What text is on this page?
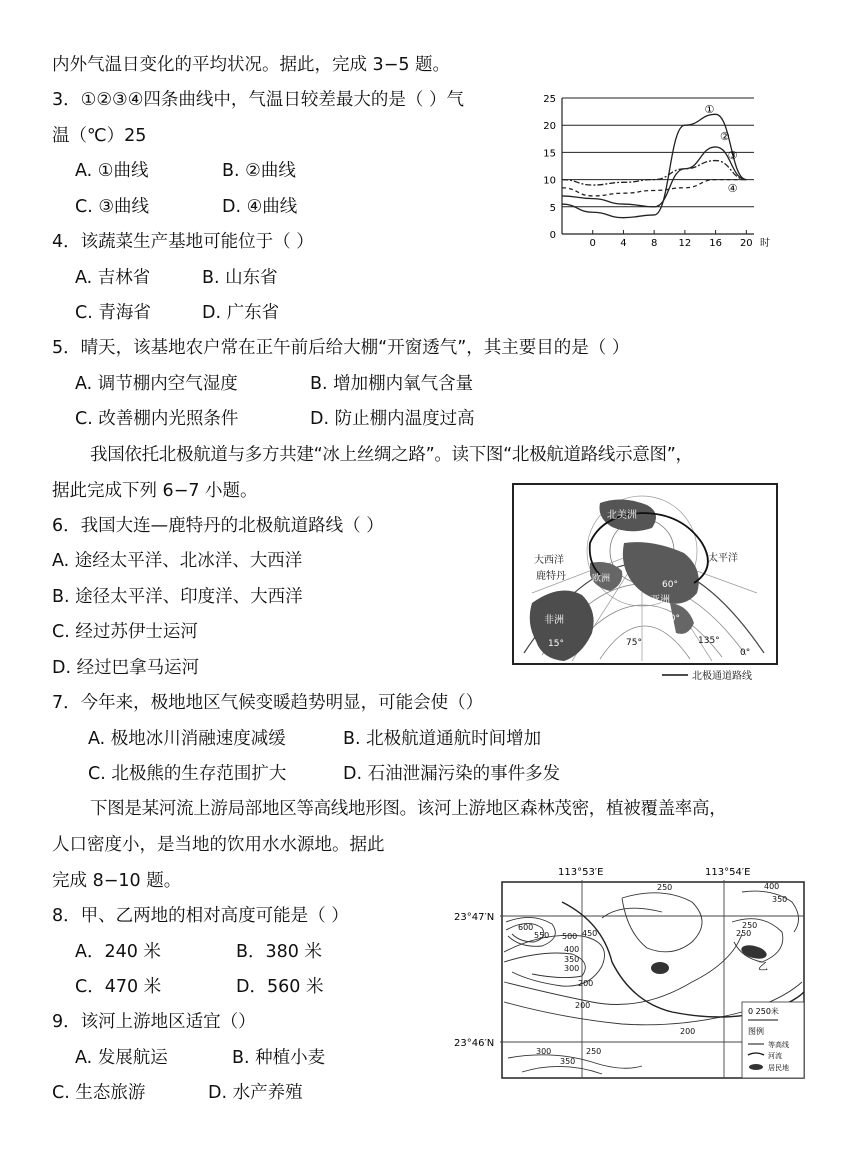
内外气温日变化的平均状况。据此，完成 3−5 题。
3．①②③④四条曲线中，气温日较差最大的是（ ）气
温（℃）25
A. ①曲线	B. ②曲线
C. ③曲线	D. ④曲线
4．该蔬菜生产基地可能位于（ ）
A. 吉林省	B. 山东省
C. 青海省	D. 广东省
5．晴天，该基地农户常在正午前后给大棚“开窗透气”，其主要目的是（ ）
A. 调节棚内空气湿度	B. 增加棚内氧气含量
C. 改善棚内光照条件	D. 防止棚内温度过高
我国依托北极航道与多方共建“冰上丝绸之路”。读下图“北极航道路线示意图”，
据此完成下列 6−7 小题。
6．我国大连—鹿特丹的北极航道路线（ ）
A. 途经太平洋、北冰洋、大西洋
B. 途径太平洋、印度洋、大西洋
C. 经过苏伊士运河
D. 经过巴拿马运河
7．今年来，极地地区气候变暖趋势明显，可能会使（）
A. 极地冰川消融速度减缓	B. 北极航道通航时间增加
C. 北极熊的生存范围扩大	D. 石油泄漏污染的事件多发
下图是某河流上游局部地区等高线地形图。该河上游地区森林茂密，植被覆盖率高，
人口密度小，是当地的饮用水水源地。据此
完成 8−10 题。
8．甲、乙两地的相对高度可能是（ ）
A．240 米	B．380 米
C．470 米	D．560 米
9．该河上游地区适宜（）
A. 发展航运	B. 种植小麦
C. 生态旅游	D. 水产养殖
25
20
15
10
5
0
0 4 8 12 16 20 时
①
②
③
④
北美洲
大西洋	太平洋
鹿特丹	欧洲
亚洲
非洲
60°
30°
15°	75°	135°
0°
北极通道路线
113°53′E	113°54′E
23°47′N
23°46′N
250	400
350
600
550 500 450
400
350
300
200
250
200
300	250
350
250
200
乙
0 250米
图例
等高线
河流
居民地
